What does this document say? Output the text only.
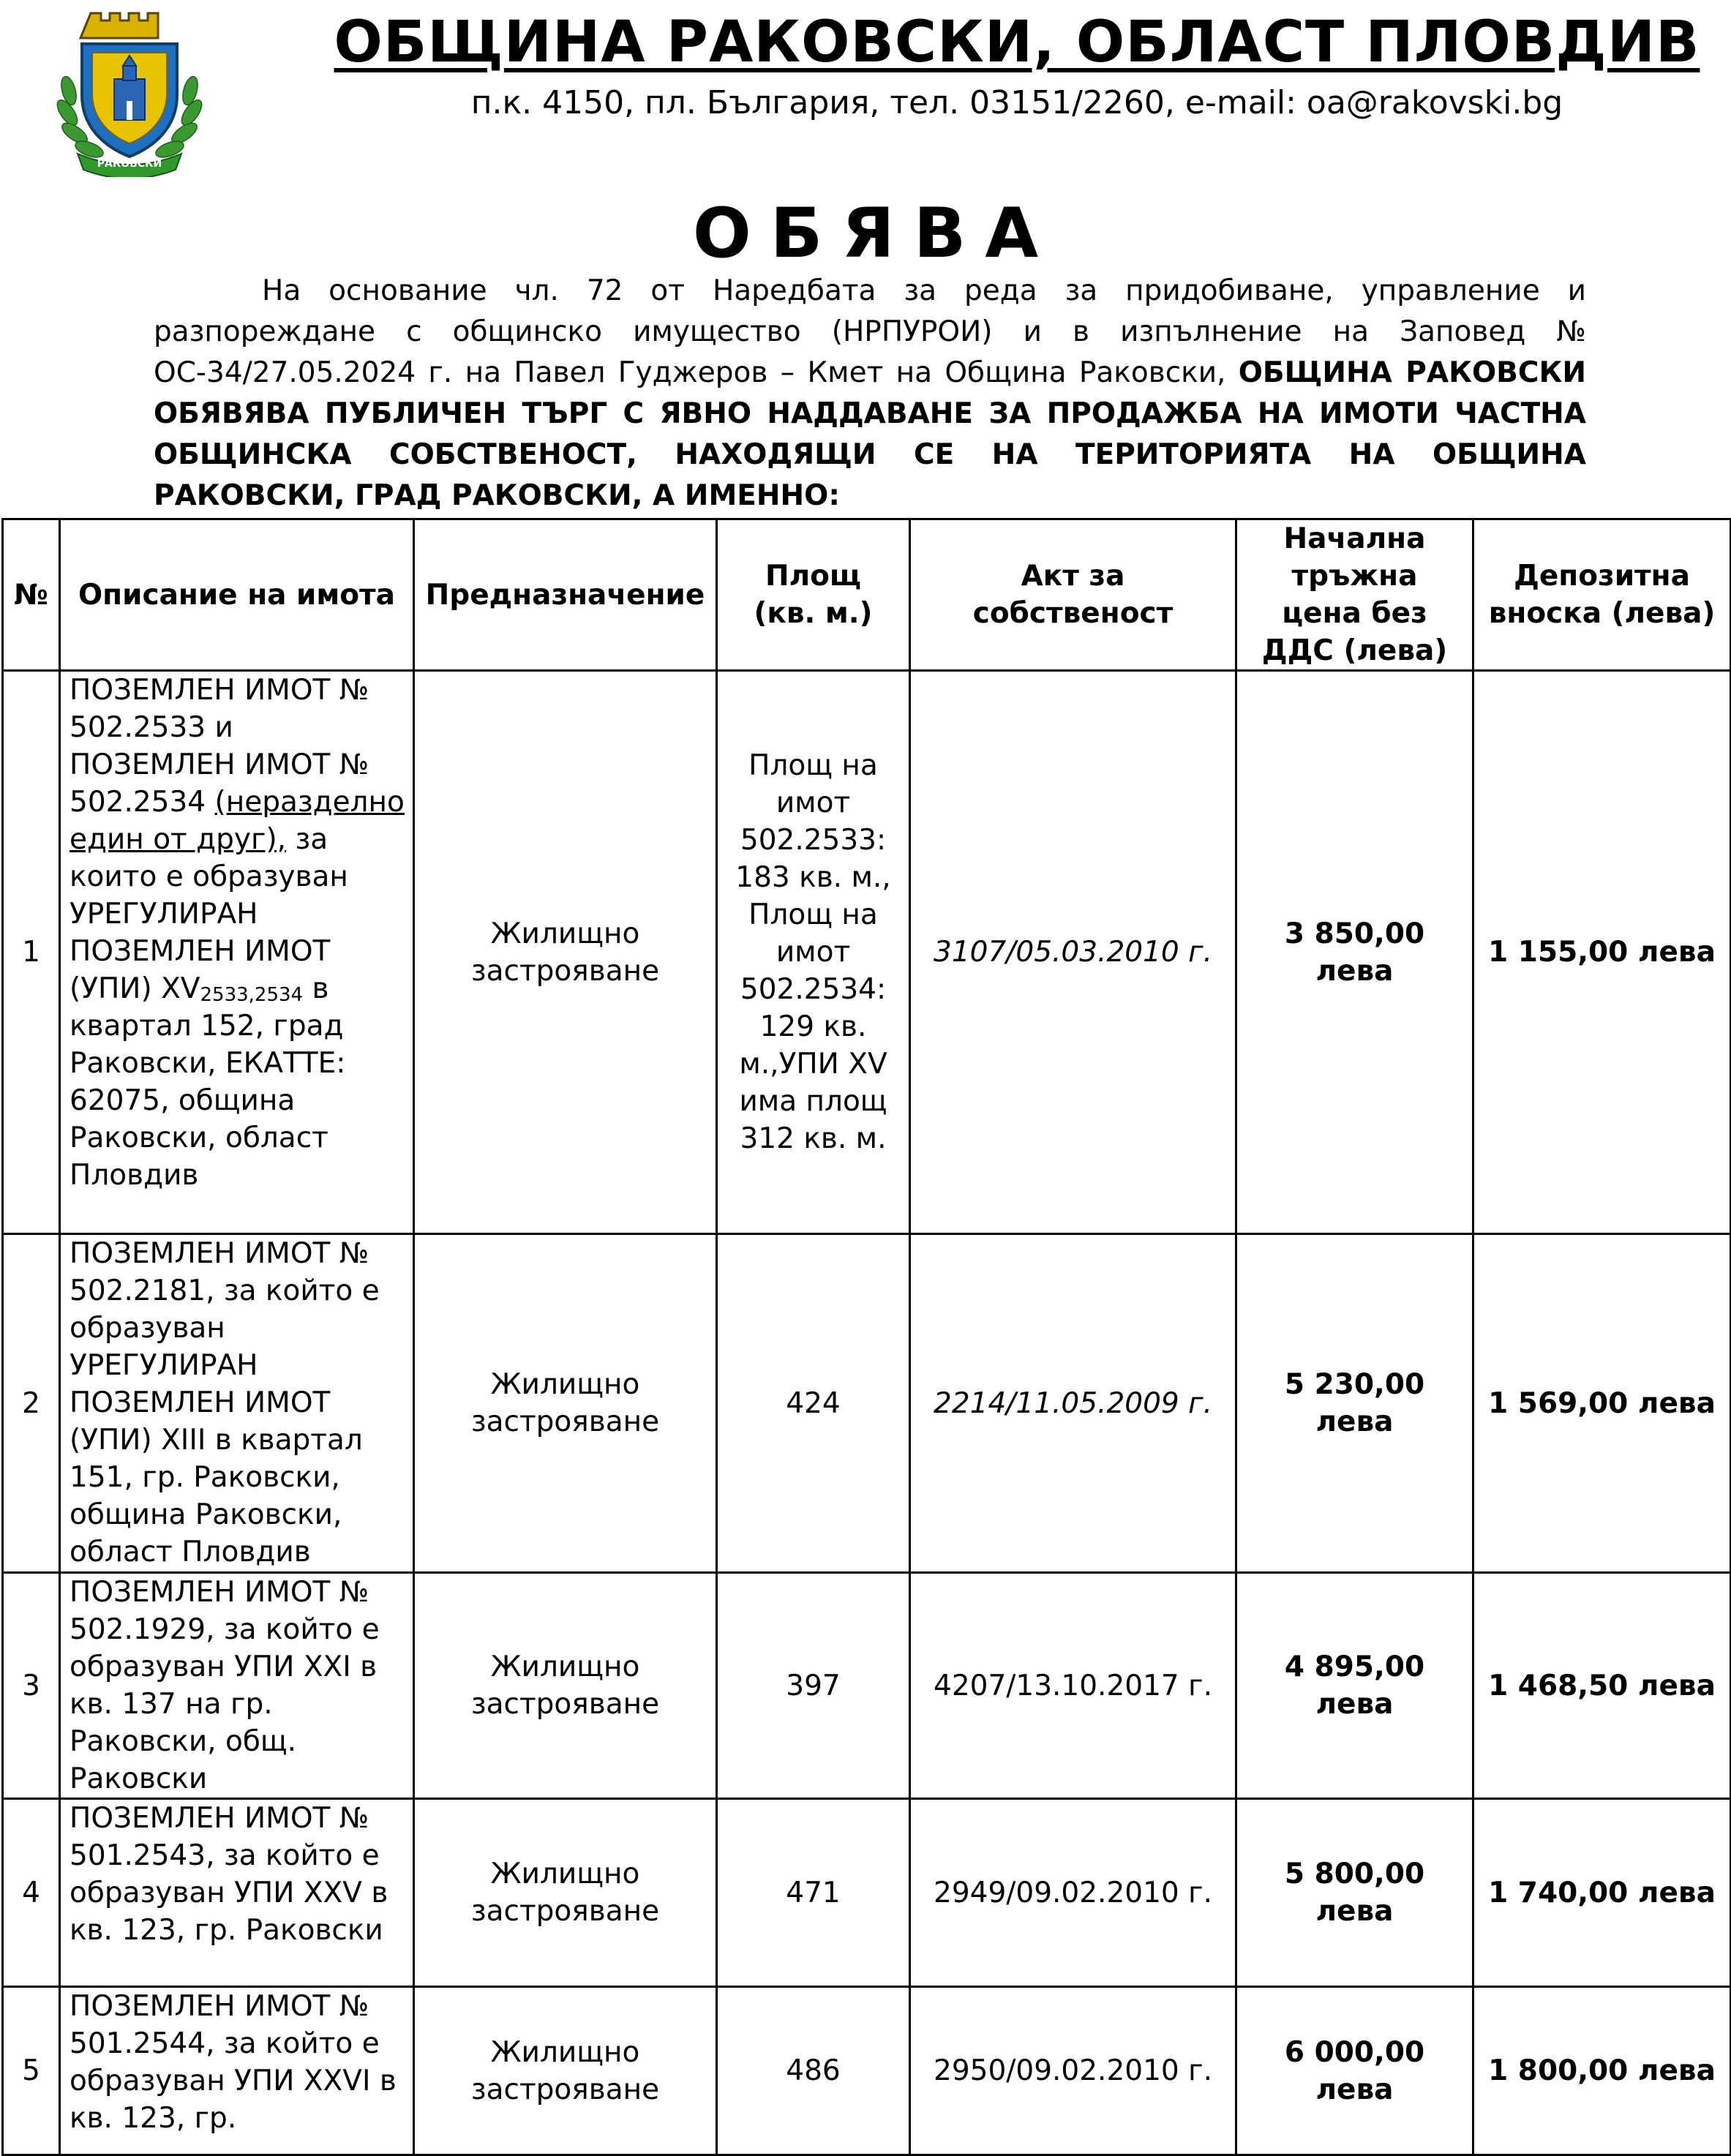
РАКОВСКИ
ОБЩИНА РАКОВСКИ, ОБЛАСТ ПЛОВДИВ
п.к. 4150, пл. България, тел. 03151/2260, e-mail: oa@rakovski.bg
ОБЯВА
На основание чл. 72 от Наредбата за реда за придобиване, управление и разпореждане с общинско имущество (НРПУРОИ) и в изпълнение на Заповед № ОС-34/27.05.2024 г. на Павел Гуджеров – Кмет на Община Раковски, ОБЩИНА РАКОВСКИ ОБЯВЯВА ПУБЛИЧЕН ТЪРГ С ЯВНО НАДДАВАНЕ ЗА ПРОДАЖБА НА ИМОТИ ЧАСТНА ОБЩИНСКА СОБСТВЕНОСТ, НАХОДЯЩИ СЕ НА ТЕРИТОРИЯТА НА ОБЩИНА РАКОВСКИ, ГРАД РАКОВСКИ, А ИМЕННО:
№	Описание на имота	Предназначение	Площ (кв. м.)	Акт за собственост	Начална тръжна цена без ДДС (лева)	Депозитна вноска (лева)
1	ПОЗЕМЛЕН ИМОТ № 502.2533 и ПОЗЕМЛЕН ИМОТ № 502.2534 (неразделно един от друг), за които е образуван УРЕГУЛИРАН ПОЗЕМЛЕН ИМОТ (УПИ) $XV_{2533,2534}$ в квартал 152, град Раковски, ЕКАТТЕ: 62075, община Раковски, област Пловдив	Жилищно застрояване	Площ на имот 502.2533: 183 кв. м., Площ на имот 502.2534: 129 кв. м.,УПИ XV има площ 312 кв. м.	3107/05.03.2010 г.	3 850,00 лева	1 155,00 лева
2	ПОЗЕМЛЕН ИМОТ № 502.2181, за който е образуван УРЕГУЛИРАН ПОЗЕМЛЕН ИМОТ (УПИ) XIII в квартал 151, гр. Раковски, община Раковски, област Пловдив	Жилищно застрояване	424	2214/11.05.2009 г.	5 230,00 лева	1 569,00 лева
3	ПОЗЕМЛЕН ИМОТ № 502.1929, за който е образуван УПИ XXI в кв. 137 на гр. Раковски, общ. Раковски	Жилищно застрояване	397	4207/13.10.2017 г.	4 895,00 лева	1 468,50 лева
4	ПОЗЕМЛЕН ИМОТ № 501.2543, за който е образуван УПИ XXV в кв. 123, гр. Раковски	Жилищно застрояване	471	2949/09.02.2010 г.	5 800,00 лева	1 740,00 лева
5	ПОЗЕМЛЕН ИМОТ № 501.2544, за който е образуван УПИ XXVI в кв. 123, гр.	Жилищно застрояване	486	2950/09.02.2010 г.	6 000,00 лева	1 800,00 лева
